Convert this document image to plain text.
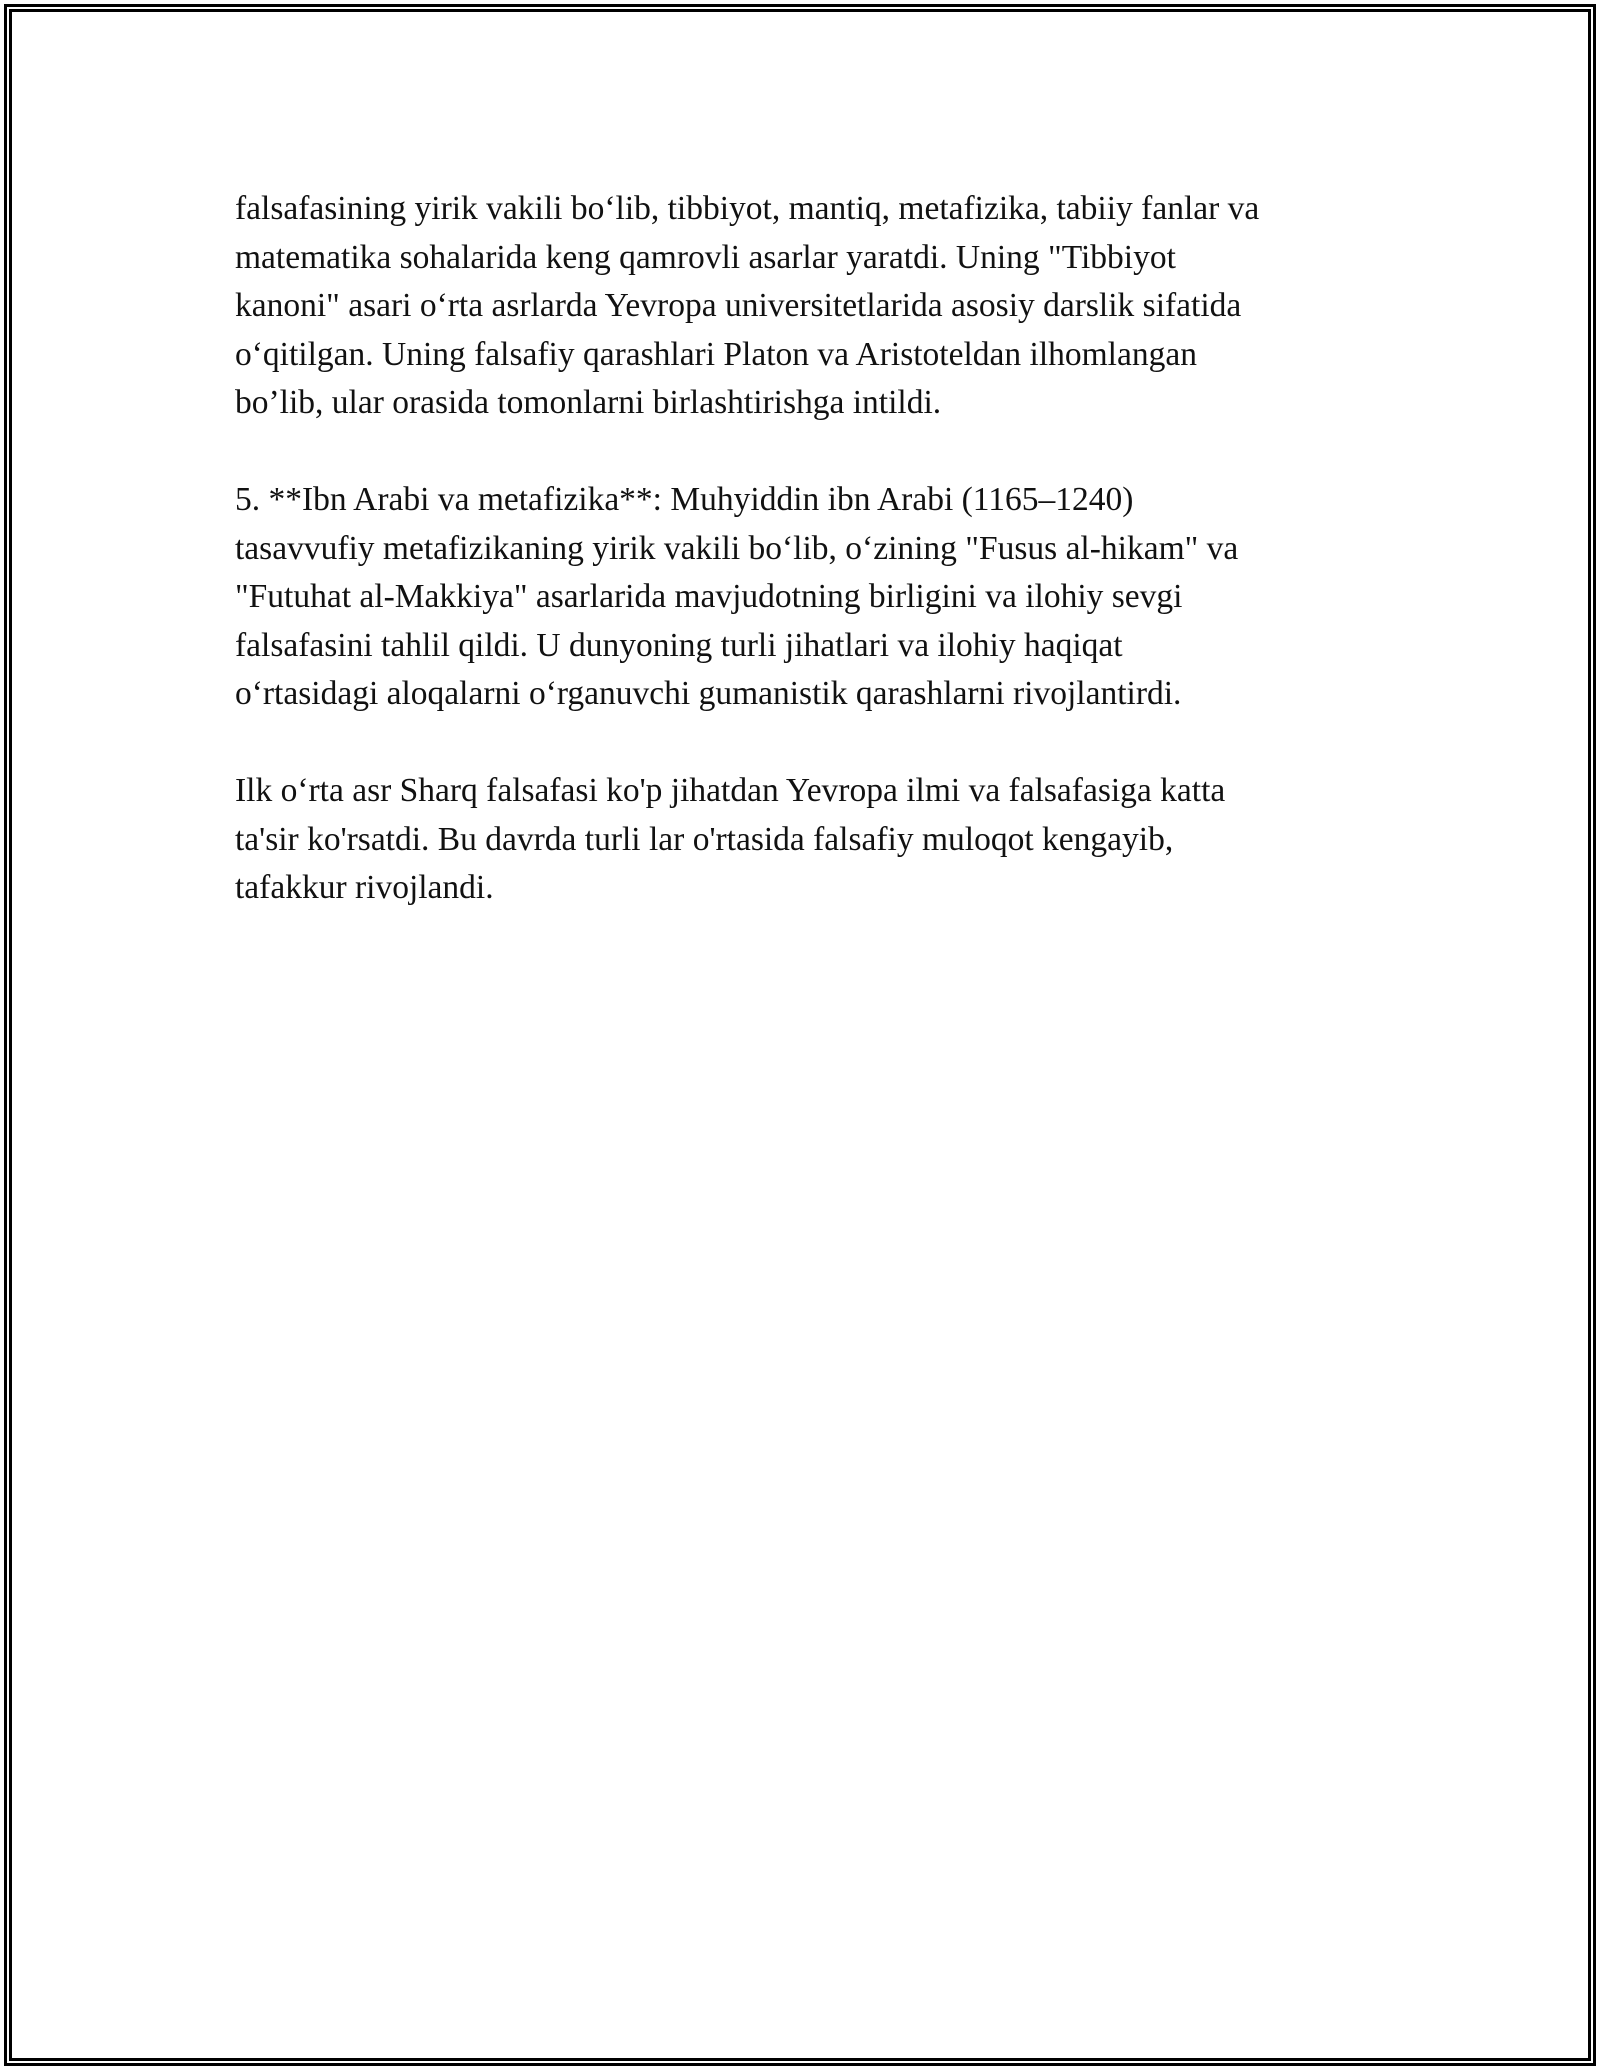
falsafasining yirik vakili bo‘lib, tibbiyot, mantiq, metafizika, tabiiy fanlar va
matematika sohalarida keng qamrovli asarlar yaratdi. Uning "Tibbiyot
kanoni" asari o‘rta asrlarda Yevropa universitetlarida asosiy darslik sifatida
o‘qitilgan. Uning falsafiy qarashlari Platon va Aristoteldan ilhomlangan
bo’lib, ular orasida tomonlarni birlashtirishga intildi.

5. **Ibn Arabi va metafizika**: Muhyiddin ibn Arabi (1165–1240)
tasavvufiy metafizikaning yirik vakili bo‘lib, o‘zining "Fusus al-hikam" va
"Futuhat al-Makkiya" asarlarida mavjudotning birligini va ilohiy sevgi
falsafasini tahlil qildi. U dunyoning turli jihatlari va ilohiy haqiqat
o‘rtasidagi aloqalarni o‘rganuvchi gumanistik qarashlarni rivojlantirdi.

Ilk o‘rta asr Sharq falsafasi ko'p jihatdan Yevropa ilmi va falsafasiga katta
ta'sir ko'rsatdi. Bu davrda turli lar o'rtasida falsafiy muloqot kengayib,
tafakkur rivojlandi.
